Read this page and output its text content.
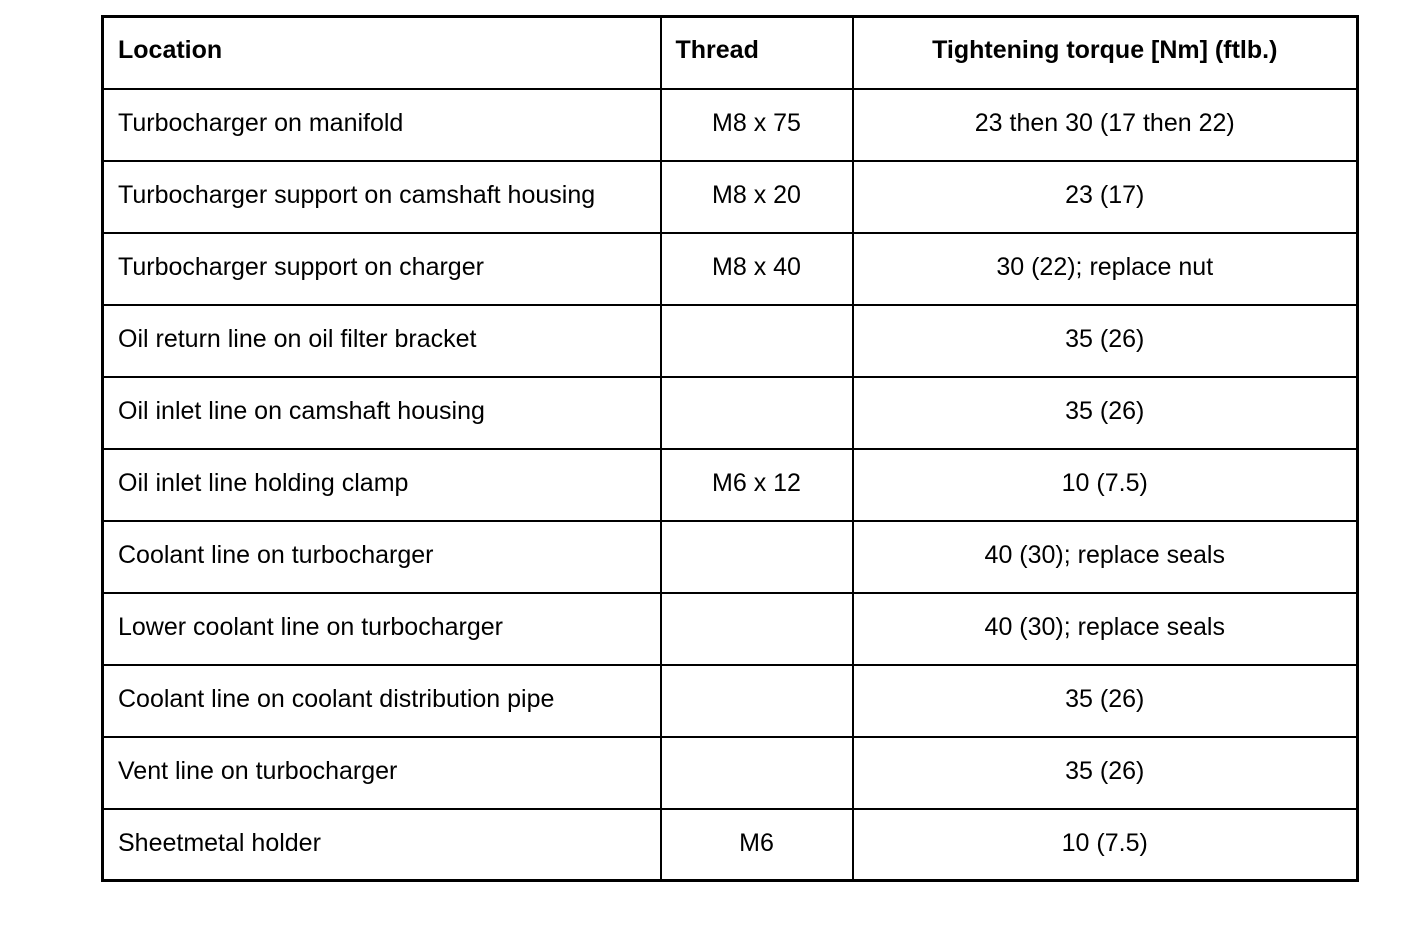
Location	Thread	Tightening torque [Nm] (ftlb.)
Turbocharger on manifold	M8 x 75	23 then 30 (17 then 22)
Turbocharger support on camshaft housing	M8 x 20	23 (17)
Turbocharger support on charger	M8 x 40	30 (22); replace nut
Oil return line on oil filter bracket		35 (26)
Oil inlet line on camshaft housing		35 (26)
Oil inlet line holding clamp	M6 x 12	10 (7.5)
Coolant line on turbocharger		40 (30); replace seals
Lower coolant line on turbocharger		40 (30); replace seals
Coolant line on coolant distribution pipe		35 (26)
Vent line on turbocharger		35 (26)
Sheetmetal holder	M6	10 (7.5)
